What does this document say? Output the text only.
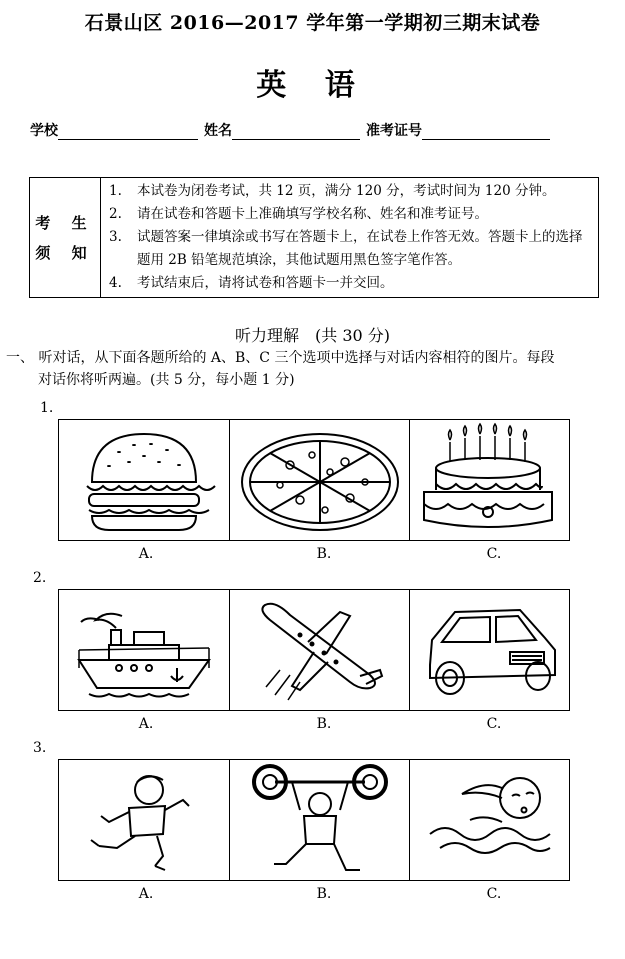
石景山区 2016—2017 学年第一学期初三期末试卷
英 语
学校	姓名	准考证号
考 生
须 知
1.	本试卷为闭卷考试，共 12 页，满分 120 分，考试时间为 120 分钟。
2.	请在试卷和答题卡上准确填写学校名称、姓名和准考证号。
3.	试题答案一律填涂或书写在答题卡上，在试卷上作答无效。答题卡上的选择题用 2B 铅笔规范填涂，其他试题用黑色签字笔作答。
4.	考试结束后，请将试卷和答题卡一并交回。
听力理解　(共 30 分)
一、 听对话，从下面各题所给的 A、B、C 三个选项中选择与对话内容相符的图片。每段
对话你将听两遍。(共 5 分，每小题 1 分)
1.
A.	B.	C.
2.
A.	B.	C.
3.
A.	B.	C.
